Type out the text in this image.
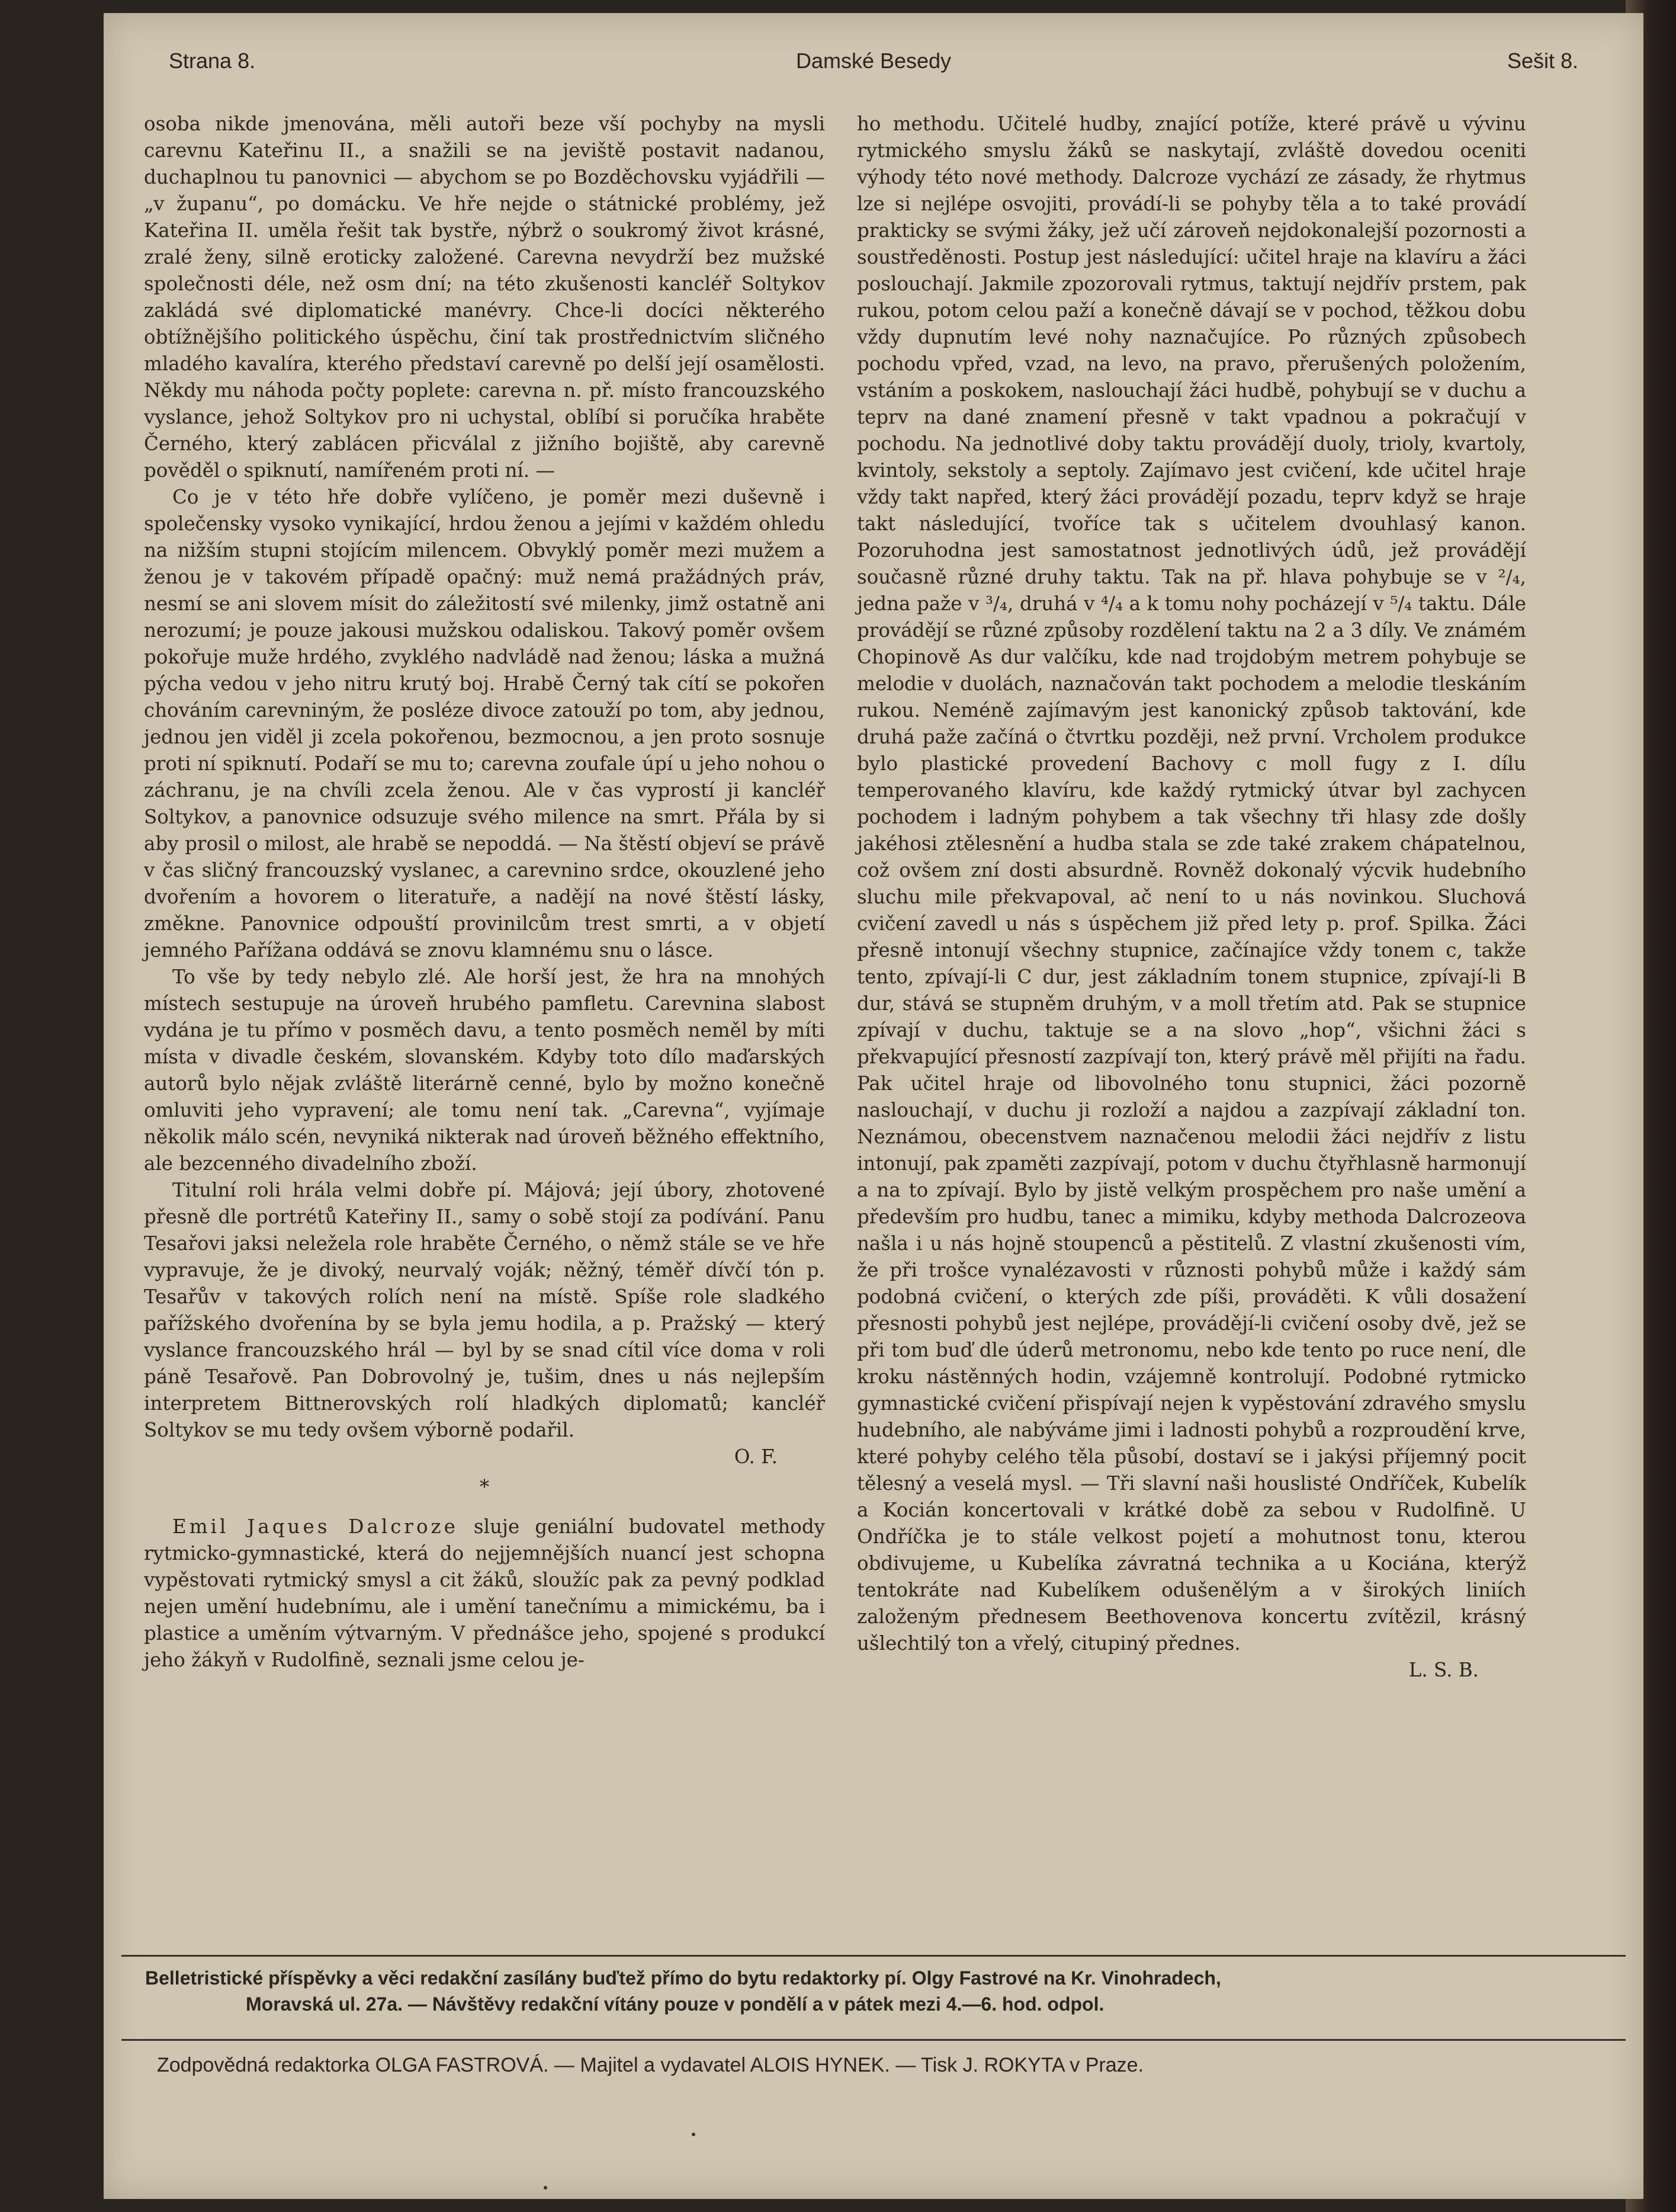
Strana 8.	Damské Besedy	Sešit 8.

osoba nikde jmenována, měli autoři beze vší pochyby na mysli carevnu Kateřinu II., a snažili se na jeviště postavit nadanou, duchaplnou tu panovnici — abychom se po Bozděchovsku vyjádřili — „v županu“, po domácku. Ve hře nejde o státnické problémy, jež Kateřina II. uměla řešit tak bystře, nýbrž o soukromý život krásné, zralé ženy, silně eroticky založené. Carevna nevydrží bez mužské společnosti déle, než osm dní; na této zkušenosti kancléř Soltykov zakládá své diplomatické manévry. Chce-li docíci některého obtížnějšího politického úspěchu, činí tak prostřednictvím sličného mladého kavalíra, kterého představí carevně po delší její osamělosti. Někdy mu náhoda počty poplete: carevna n. př. místo francouzského vyslance, jehož Soltykov pro ni uchystal, oblíbí si poručíka hraběte Černého, který zablácen přicválal z jižního bojiště, aby carevně pověděl o spiknutí, namířeném proti ní. —

Co je v této hře dobře vylíčeno, je poměr mezi duševně i společensky vysoko vynikající, hrdou ženou a jejími v každém ohledu na nižším stupni stojícím milencem. Obvyklý poměr mezi mužem a ženou je v takovém případě opačný: muž nemá pražádných práv, nesmí se ani slovem mísit do záležitostí své milenky, jimž ostatně ani nerozumí; je pouze jakousi mužskou odaliskou. Takový poměr ovšem pokořuje muže hrdého, zvyklého nadvládě nad ženou; láska a mužná pýcha vedou v jeho nitru krutý boj. Hrabě Černý tak cítí se pokořen chováním carevniným, že posléze divoce zatouží po tom, aby jednou, jednou jen viděl ji zcela pokořenou, bezmocnou, a jen proto sosnuje proti ní spiknutí. Podaří se mu to; carevna zoufale úpí u jeho nohou o záchranu, je na chvíli zcela ženou. Ale v čas vyprostí ji kancléř Soltykov, a panovnice odsuzuje svého milence na smrt. Přála by si aby prosil o milost, ale hrabě se nepoddá. — Na štěstí objeví se právě v čas sličný francouzský vyslanec, a carevnino srdce, okouzlené jeho dvořením a hovorem o literatuře, a nadějí na nové štěstí lásky, změkne. Panovnice odpouští provinilcům trest smrti, a v objetí jemného Pařížana oddává se znovu klamnému snu o lásce.

To vše by tedy nebylo zlé. Ale horší jest, že hra na mnohých místech sestupuje na úroveň hrubého pamfletu. Carevnina slabost vydána je tu přímo v posměch davu, a tento posměch neměl by míti místa v divadle českém, slovanském. Kdyby toto dílo maďarských autorů bylo nějak zvláště literárně cenné, bylo by možno konečně omluviti jeho vypravení; ale tomu není tak. „Carevna“, vyjímaje několik málo scén, nevyniká nikterak nad úroveň běžného effektního, ale bezcenného divadelního zboží.

Titulní roli hrála velmi dobře pí. Májová; její úbory, zhotovené přesně dle portrétů Kateřiny II., samy o sobě stojí za podívání. Panu Tesařovi jaksi neležela role hraběte Černého, o němž stále se ve hře vypravuje, že je divoký, neurvalý voják; něžný, téměř dívčí tón p. Tesařův v takových rolích není na místě. Spíše role sladkého pařížského dvořenína by se byla jemu hodila, a p. Pražský — který vyslance francouzského hrál — byl by se snad cítil více doma v roli páně Tesařově. Pan Dobrovolný je, tušim, dnes u nás nejlepším interpretem Bittnerovských rolí hladkých diplomatů; kancléř Soltykov se mu tedy ovšem výborně podařil.

O. F.
*

Emil Jaques Dalcroze sluje geniální budovatel methody rytmicko-gymnastické, která do nejjemnějších nuancí jest schopna vypěstovati rytmický smysl a cit žáků, sloužíc pak za pevný podklad nejen umění hudebnímu, ale i umění tanečnímu a mimickému, ba i plastice a uměním výtvarným. V přednášce jeho, spojené s produkcí jeho žákyň v Rudolfině, seznali jsme celou je-

ho methodu. Učitelé hudby, znající potíže, které právě u vývinu rytmického smyslu žáků se naskytají, zvláště dovedou oceniti výhody této nové methody. Dalcroze vychází ze zásady, že rhytmus lze si nejlépe osvojiti, provádí-li se pohyby těla a to také provádí prakticky se svými žáky, jež učí zároveň nejdokonalejší pozornosti a soustředěnosti. Postup jest následující: učitel hraje na klavíru a žáci poslouchají. Jakmile zpozorovali rytmus, taktují nejdřív prstem, pak rukou, potom celou paží a konečně dávají se v pochod, těžkou dobu vždy dupnutím levé nohy naznačujíce. Po různých způsobech pochodu vpřed, vzad, na levo, na pravo, přerušených položením, vstáním a poskokem, naslouchají žáci hudbě, pohybují se v duchu a teprv na dané znamení přesně v takt vpadnou a pokračují v pochodu. Na jednotlivé doby taktu provádějí duoly, trioly, kvartoly, kvintoly, sekstoly a septoly. Zajímavo jest cvičení, kde učitel hraje vždy takt napřed, který žáci provádějí pozadu, teprv když se hraje takt následující, tvoříce tak s učitelem dvouhlasý kanon. Pozoruhodna jest samostatnost jednotlivých údů, jež provádějí současně různé druhy taktu. Tak na př. hlava pohybuje se v ²/₄, jedna paže v ³/₄, druhá v ⁴/₄ a k tomu nohy pocházejí v ⁵/₄ taktu. Dále provádějí se různé způsoby rozdělení taktu na 2 a 3 díly. Ve známém Chopinově As dur valčíku, kde nad trojdobým metrem pohybuje se melodie v duolách, naznačován takt pochodem a melodie tleskáním rukou. Neméně zajímavým jest kanonický způsob taktování, kde druhá paže začíná o čtvrtku později, než první. Vrcholem produkce bylo plastické provedení Bachovy c moll fugy z I. dílu temperovaného klavíru, kde každý rytmický útvar byl zachycen pochodem i ladným pohybem a tak všechny tři hlasy zde došly jakéhosi ztělesnění a hudba stala se zde také zrakem chápatelnou, což ovšem zní dosti absurdně. Rovněž dokonalý výcvik hudebního sluchu mile překvapoval, ač není to u nás novinkou. Sluchová cvičení zavedl u nás s úspěchem již před lety p. prof. Spilka. Žáci přesně intonují všechny stupnice, začínajíce vždy tonem c, takže tento, zpívají-li C dur, jest základním tonem stupnice, zpívají-li B dur, stává se stupněm druhým, v a moll třetím atd. Pak se stupnice zpívají v duchu, taktuje se a na slovo „hop“, všichni žáci s překvapující přesností zazpívají ton, který právě měl přijíti na řadu. Pak učitel hraje od libovolného tonu stupnici, žáci pozorně naslouchají, v duchu ji rozloží a najdou a zazpívají základní ton. Neznámou, obecenstvem naznačenou melodii žáci nejdřív z listu intonují, pak zpaměti zazpívají, potom v duchu čtyřhlasně harmonují a na to zpívají. Bylo by jistě velkým prospěchem pro naše umění a především pro hudbu, tanec a mimiku, kdyby methoda Dalcrozeova našla i u nás hojně stoupenců a pěstitelů. Z vlastní zkušenosti vím, že při trošce vynalézavosti v různosti pohybů může i každý sám podobná cvičení, o kterých zde píši, prováděti. K vůli dosažení přesnosti pohybů jest nejlépe, provádějí-li cvičení osoby dvě, jež se při tom buď dle úderů metronomu, nebo kde tento po ruce není, dle kroku nástěnných hodin, vzájemně kontrolují. Podobné rytmicko gymnastické cvičení přispívají nejen k vypěstování zdravého smyslu hudebního, ale nabýváme jimi i ladnosti pohybů a rozproudění krve, které pohyby celého těla působí, dostaví se i jakýsi příjemný pocit tělesný a veselá mysl. — Tři slavní naši houslisté Ondříček, Kubelík a Kocián koncertovali v krátké době za sebou v Rudolfině. U Ondříčka je to stále velkost pojetí a mohutnost tonu, kterou obdivujeme, u Kubelíka závratná technika a u Kociána, kterýž tentokráte nad Kubelíkem odušenělým a v širokých liniích založeným přednesem Beethovenova koncertu zvítězil, krásný ušlechtilý ton a vřelý, citupiný přednes.

L. S. B.

Belletristické příspěvky a věci redakční zasílány buďtež přímo do bytu redaktorky pí. Olgy Fastrové na Kr. Vinohradech,

Moravská ul. 27a. — Návštěvy redakční vítány pouze v pondělí a v pátek mezi 4.—6. hod. odpol.

Zodpovědná redaktorka OLGA FASTROVÁ. — Majitel a vydavatel ALOIS HYNEK. — Tisk J. ROKYTA v Praze.
